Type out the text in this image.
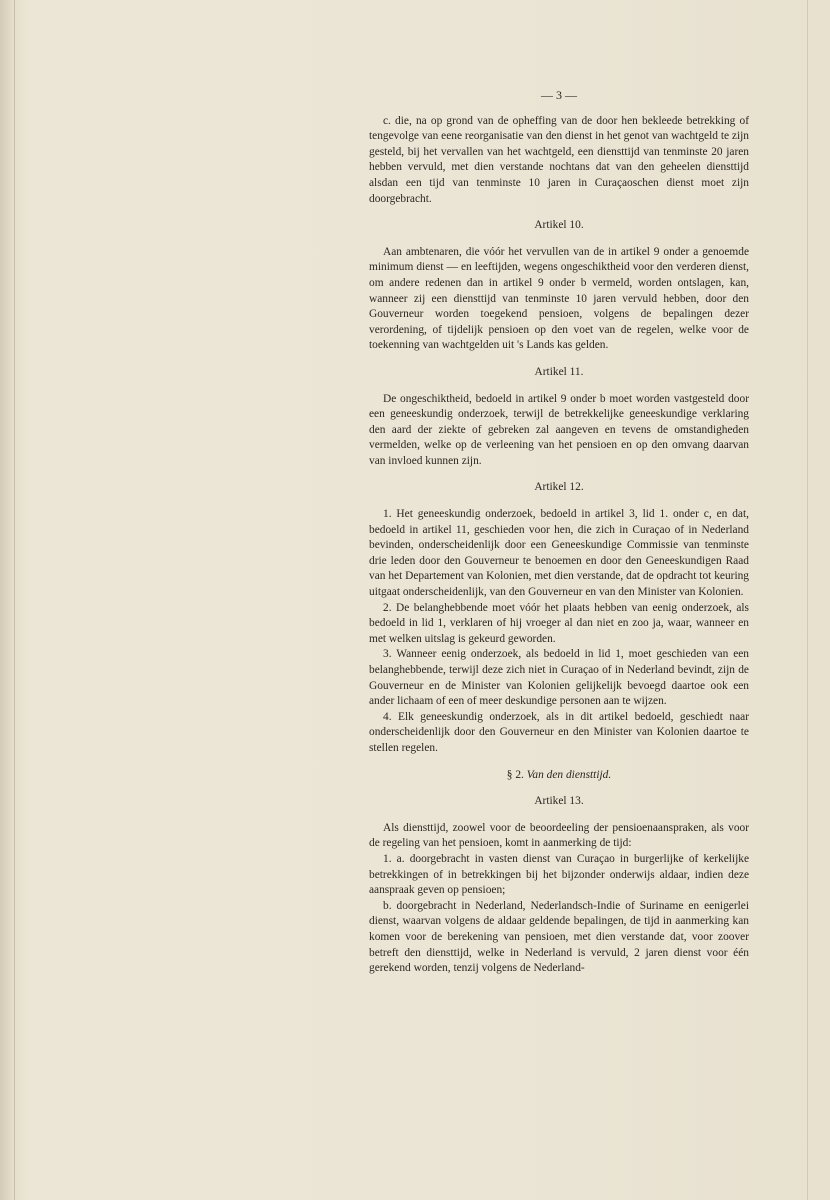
— 3 —

c. die, na op grond van de opheffing van de door hen bekleede betrekking of tengevolge van eene reorganisatie van den dienst in het genot van wachtgeld te zijn gesteld, bij het vervallen van het wachtgeld, een diensttijd van tenminste 20 jaren hebben vervuld, met dien verstande nochtans dat van den geheelen diensttijd alsdan een tijd van tenminste 10 jaren in Curaçaoschen dienst moet zijn doorgebracht.

Artikel 10.

Aan ambtenaren, die vóór het vervullen van de in artikel 9 onder a genoemde minimum dienst — en leeftijden, wegens ongeschiktheid voor den verderen dienst, om andere redenen dan in artikel 9 onder b vermeld, worden ontslagen, kan, wanneer zij een diensttijd van tenminste 10 jaren vervuld hebben, door den Gouverneur worden toegekend pensioen, volgens de bepalingen dezer verordening, of tijdelijk pensioen op den voet van de regelen, welke voor de toekenning van wachtgelden uit 's Lands kas gelden.

Artikel 11.

De ongeschiktheid, bedoeld in artikel 9 onder b moet worden vastgesteld door een geneeskundig onderzoek, terwijl de betrekkelijke geneeskundige verklaring den aard der ziekte of gebreken zal aangeven en tevens de omstandigheden vermelden, welke op de verleening van het pensioen en op den omvang daarvan van invloed kunnen zijn.

Artikel 12.

1. Het geneeskundig onderzoek, bedoeld in artikel 3, lid 1. onder c, en dat, bedoeld in artikel 11, geschieden voor hen, die zich in Curaçao of in Nederland bevinden, onderscheidenlijk door een Geneeskundige Commissie van tenminste drie leden door den Gouverneur te benoemen en door den Geneeskundigen Raad van het Departement van Kolonien, met dien verstande, dat de opdracht tot keuring uitgaat onderscheidenlijk, van den Gouverneur en van den Minister van Kolonien.

2. De belanghebbende moet vóór het plaats hebben van eenig onderzoek, als bedoeld in lid 1, verklaren of hij vroeger al dan niet en zoo ja, waar, wanneer en met welken uitslag is gekeurd geworden.

3. Wanneer eenig onderzoek, als bedoeld in lid 1, moet geschieden van een belanghebbende, terwijl deze zich niet in Curaçao of in Nederland bevindt, zijn de Gouverneur en de Minister van Kolonien gelijkelijk bevoegd daartoe ook een ander lichaam of een of meer deskundige personen aan te wijzen.

4. Elk geneeskundig onderzoek, als in dit artikel bedoeld, geschiedt naar onderscheidenlijk door den Gouverneur en den Minister van Kolonien daartoe te stellen regelen.

§ 2. Van den diensttijd.
Artikel 13.

Als diensttijd, zoowel voor de beoordeeling der pensioenaanspraken, als voor de regeling van het pensioen, komt in aanmerking de tijd:

1. a. doorgebracht in vasten dienst van Curaçao in burgerlijke of kerkelijke betrekkingen of in betrekkingen bij het bijzonder onderwijs aldaar, indien deze aanspraak geven op pensioen;

b. doorgebracht in Nederland, Nederlandsch-Indie of Suriname en eenigerlei dienst, waarvan volgens de aldaar geldende bepalingen, de tijd in aanmerking kan komen voor de berekening van pensioen, met dien verstande dat, voor zoover betreft den diensttijd, welke in Nederland is vervuld, 2 jaren dienst voor één gerekend worden, tenzij volgens de Nederland-
